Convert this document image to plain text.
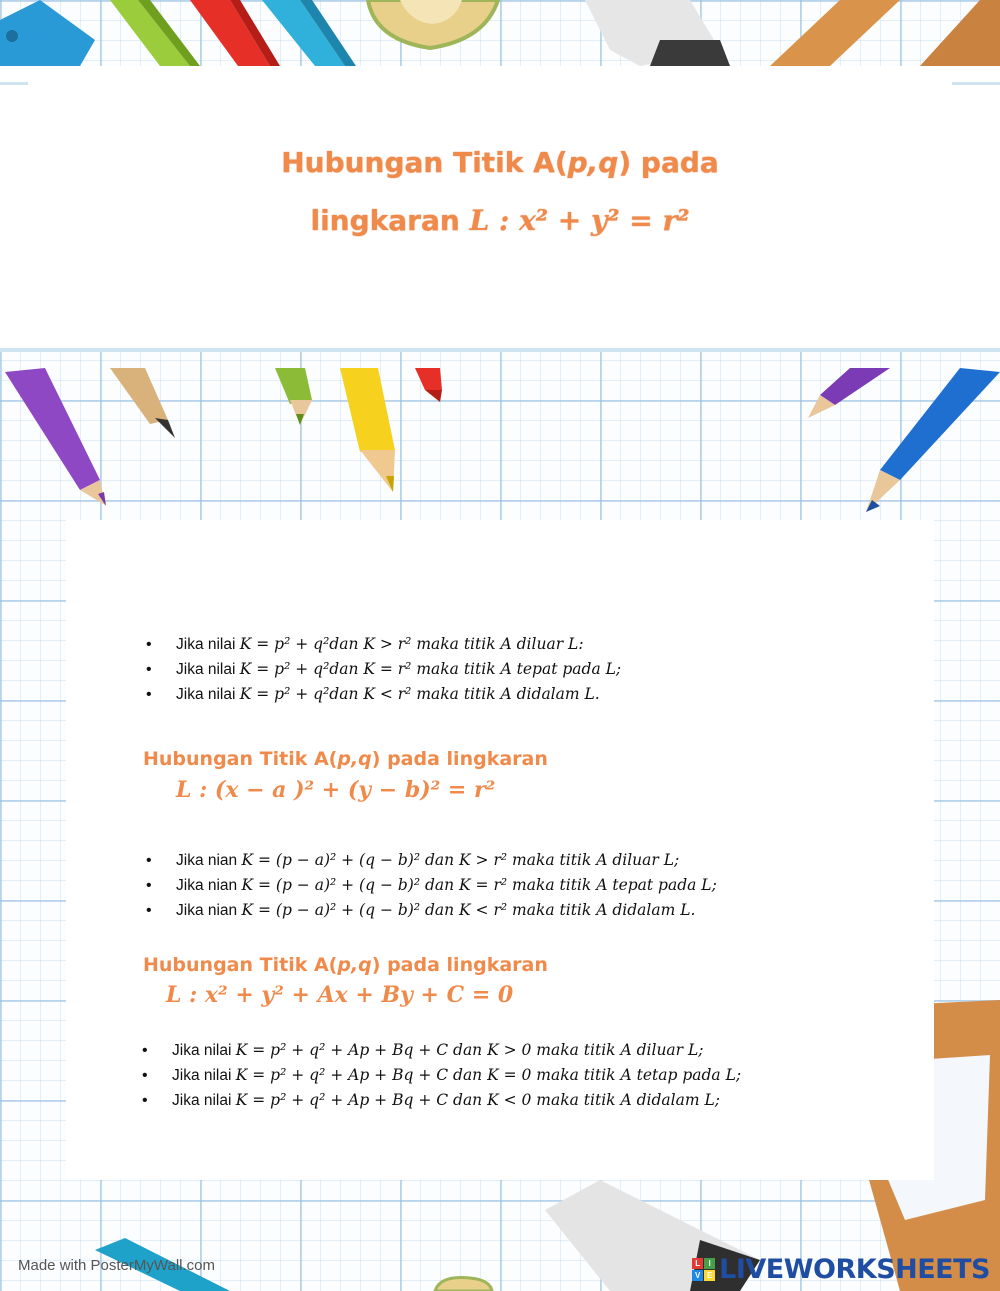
Hubungan Titik A(p,q) pada
lingkaran L : x² + y² = r²
• Jika nilai K = p² + q²dan K > r² maka titik A diluar L:
• Jika nilai K = p² + q²dan K = r² maka titik A tepat pada L;
• Jika nilai K = p² + q²dan K < r² maka titik A didalam L.
Hubungan Titik A(p,q) pada lingkaran
L : (x − a )² + (y − b)² = r²
• Jika nian K = (p − a)² + (q − b)² dan K > r² maka titik A diluar L;
• Jika nian K = (p − a)² + (q − b)² dan K = r² maka titik A tepat pada L;
• Jika nian K = (p − a)² + (q − b)² dan K < r² maka titik A didalam L.
Hubungan Titik A(p,q) pada lingkaran
L : x² + y² + Ax + By + C = 0
• Jika nilai K = p² + q² + Ap + Bq + C dan K > 0 maka titik A diluar L;
• Jika nilai K = p² + q² + Ap + Bq + C dan K = 0 maka titik A tetap pada L;
• Jika nilai K = p² + q² + Ap + Bq + C dan K < 0 maka titik A didalam L;
Made with PosterMyWall.com	L	I
V E LIVEWORKSHEETS
